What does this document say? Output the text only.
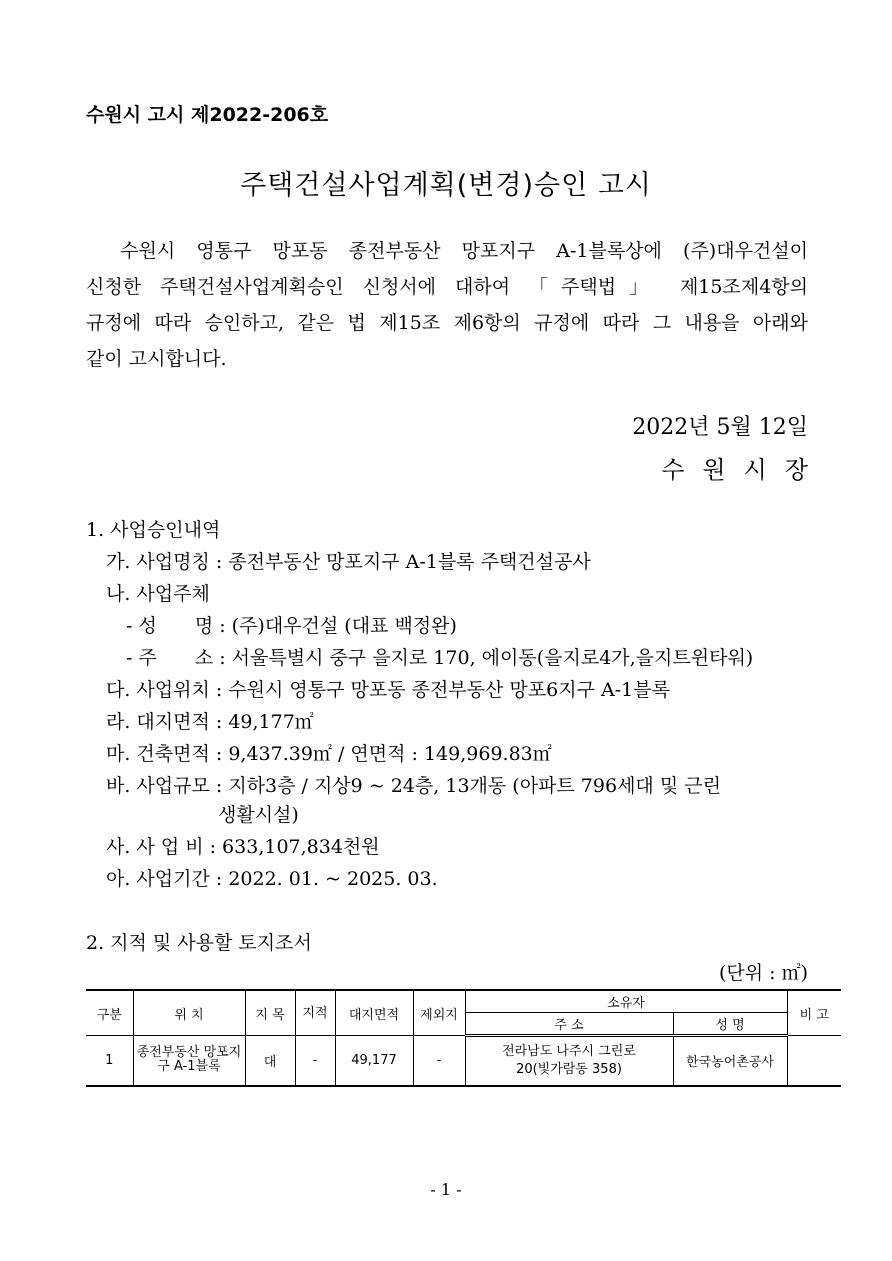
수원시 고시 제2022-206호
주택건설사업계획(변경)승인 고시
　수원시 영통구 망포동 종전부동산 망포지구 A-1블록상에 (주)대우건설이
신청한 주택건설사업계획승인 신청서에 대하여 「주택법」 제15조제4항의
규정에 따라 승인하고, 같은 법 제15조 제6항의 규정에 따라 그 내용을 아래와
같이 고시합니다.
2022년 5월 12일
수원시장
1. 사업승인내역
가. 사업명칭 : 종전부동산 망포지구 A-1블록 주택건설공사
나. 사업주체
- 성　　명 : (주)대우건설 (대표 백정완)
- 주　　소 : 서울특별시 중구 을지로 170, 에이동(을지로4가,을지트윈타워)
다. 사업위치 : 수원시 영통구 망포동 종전부동산 망포6지구 A-1블록
라. 대지면적 : 49,177㎡
마. 건축면적 : 9,437.39㎡ / 연면적 : 149,969.83㎡
바. 사업규모 : 지하3층 / 지상9 ~ 24층, 13개동 (아파트 796세대 및 근린
생활시설)
사. 사 업 비 : 633,107,834천원
아. 사업기간 : 2022. 01. ~ 2025. 03.
2. 지적 및 사용할 토지조서
(단위 : ㎡)
구분	위 치	지 목	지적	대지면적	제외지	소유자		비 고
						주 소	성 명	
1	종전부동산 망포지구 A-1블록	대	-	49,177	-	전라남도 나주시 그린로20(빛가람동 358)	한국농어촌공사	
- 1 -
